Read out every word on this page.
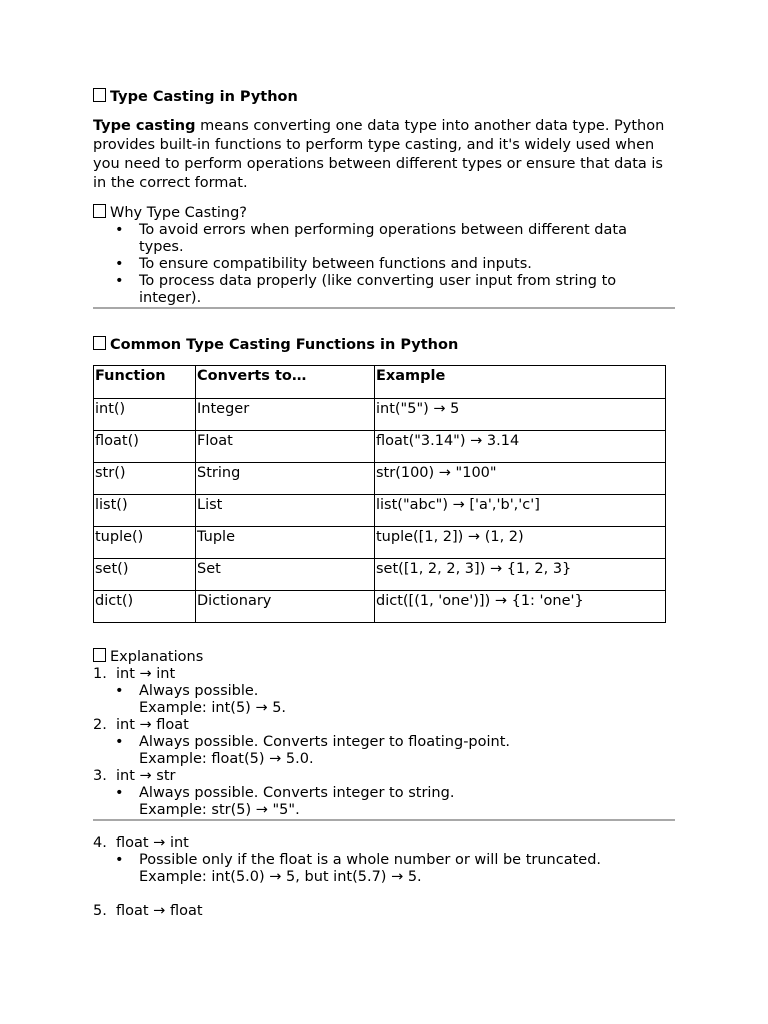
Type Casting in Python

Type casting means converting one data type into another data type. Python provides built-in functions to perform type casting, and it's widely used when you need to perform operations between different types or ensure that data is in the correct format.

Why Type Casting?
• To avoid errors when performing operations between different data types.
• To ensure compatibility between functions and inputs.
• To process data properly (like converting user input from string to integer).
Common Type Casting Functions in Python
Function	Converts to…	Example
int()	Integer	int("5") → 5
float()	Float	float("3.14") → 3.14
str()	String	str(100) → "100"
list()	List	list("abc") → ['a','b','c']
tuple()	Tuple	tuple([1, 2]) → (1, 2)
set()	Set	set([1, 2, 2, 3]) → {1, 2, 3}
dict()	Dictionary	dict([(1, 'one')]) → {1: 'one'}
Explanations
1. int → int
• Always possible.
Example: int(5) → 5.
2. int → float
• Always possible. Converts integer to floating-point.
Example: float(5) → 5.0.
3. int → str
• Always possible. Converts integer to string.
Example: str(5) → "5".
4. float → int
• Possible only if the float is a whole number or will be truncated.
Example: int(5.0) → 5, but int(5.7) → 5.
5. float → float
